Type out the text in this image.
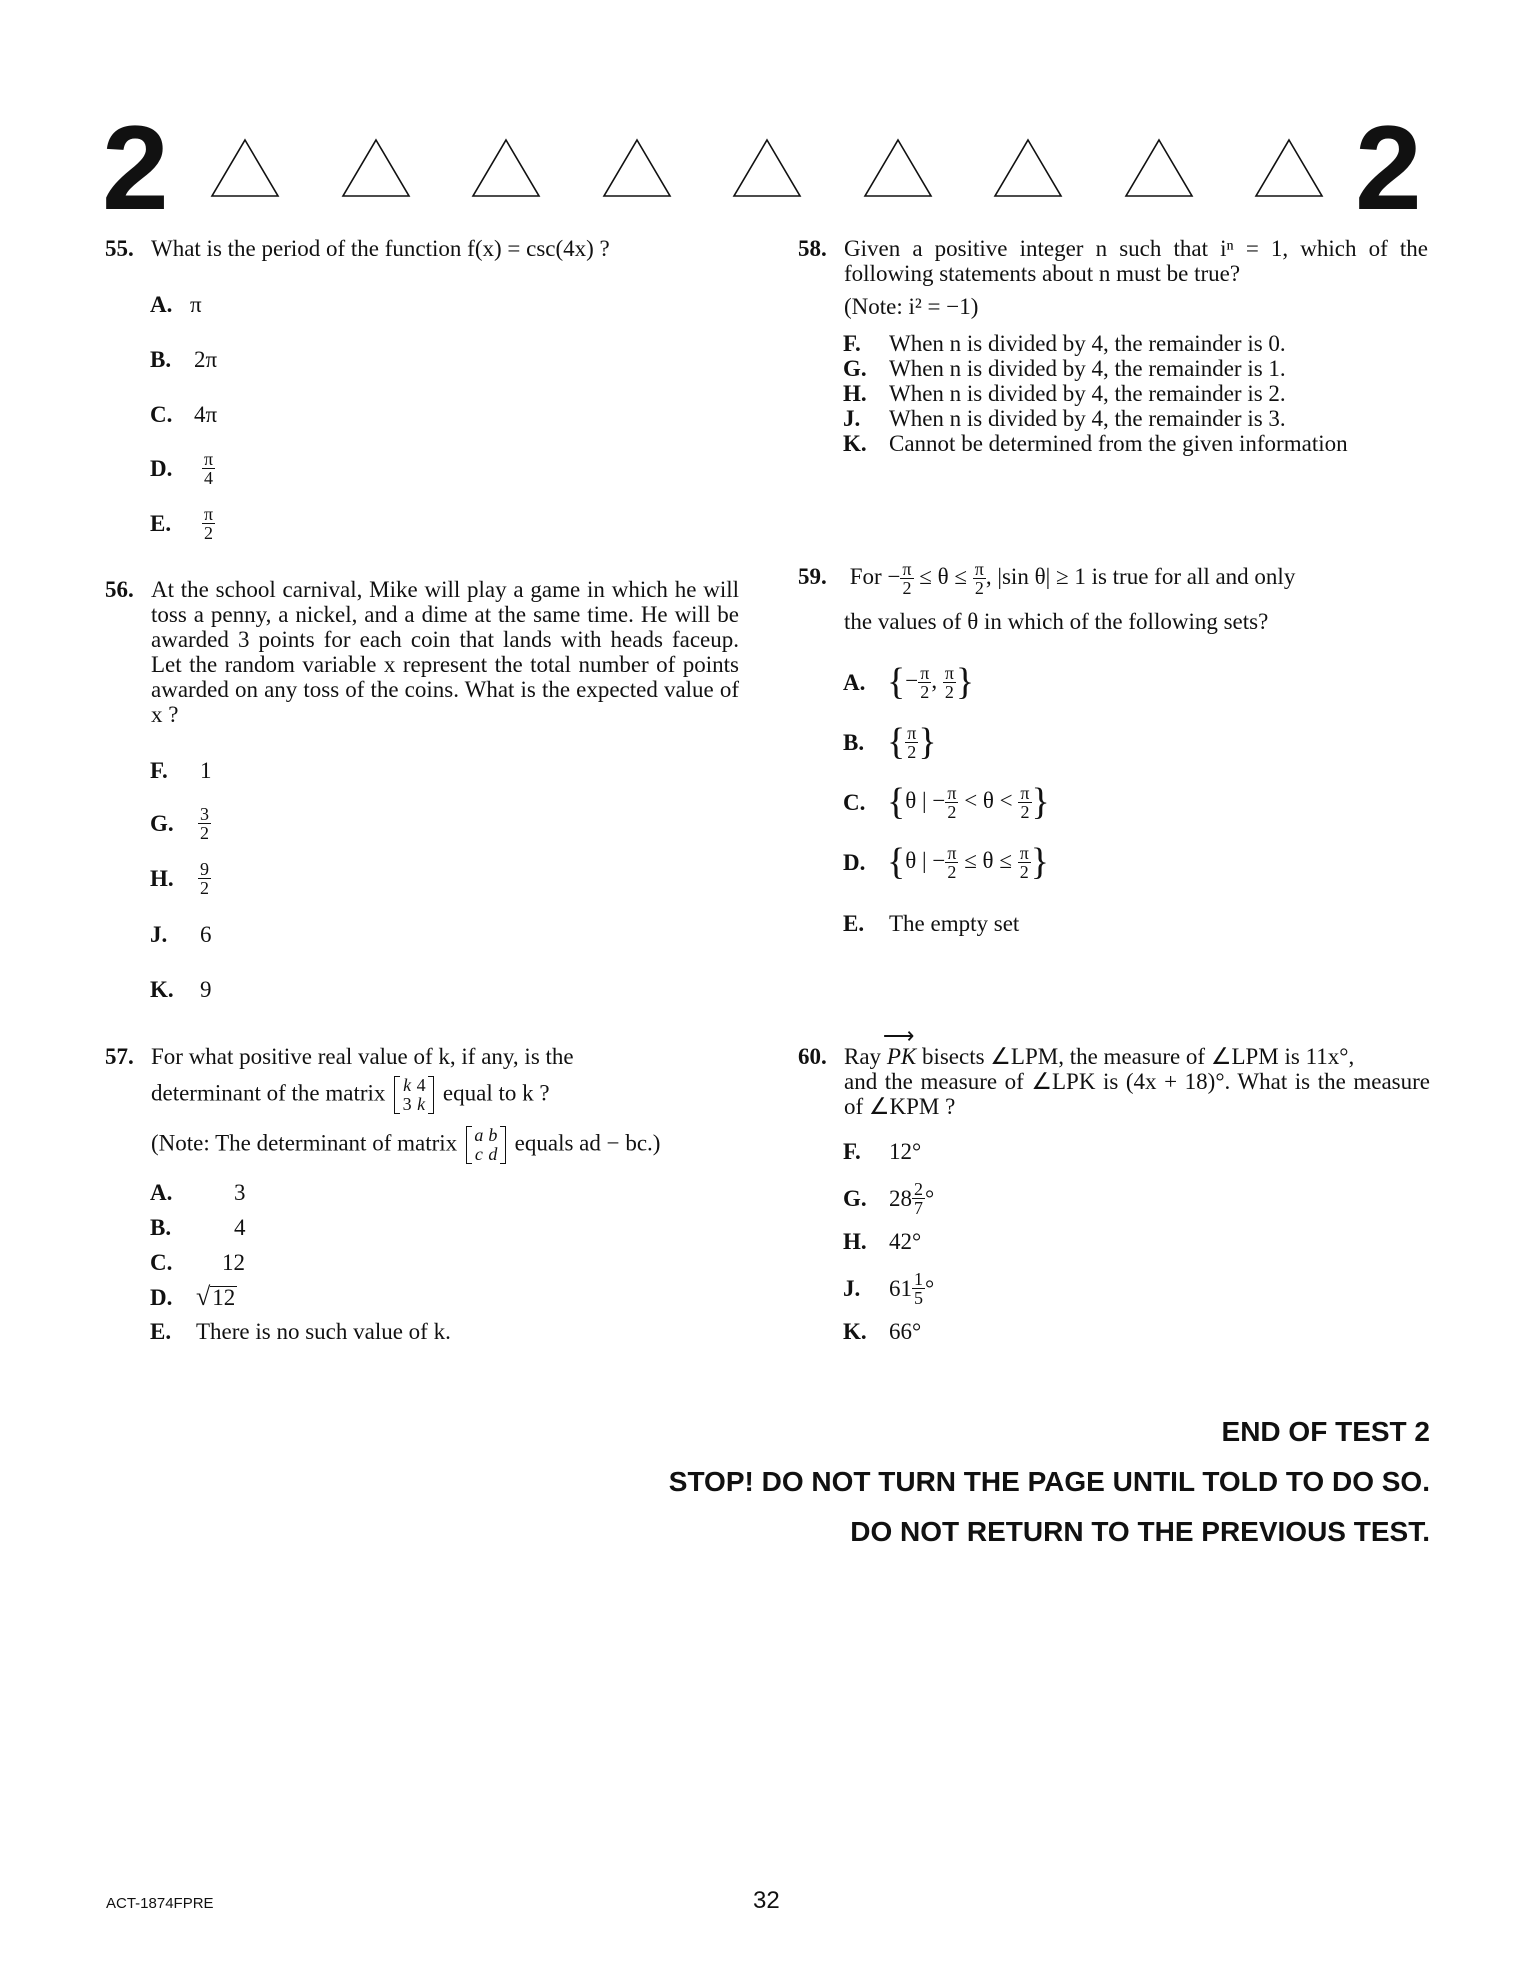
2	2
55. What is the period of the function f(x) = csc(4x) ?
A. π
B. 2π
C. 4π
D. $\frac{\pi}{4}$
E. $\frac{\pi}{2}$
56. At the school carnival, Mike will play a game in which he will toss a penny, a nickel, and a dime at the same time. He will be awarded 3 points for each coin that lands with heads faceup. Let the random variable x represent the total number of points awarded on any toss of the coins. What is the expected value of x ?
F. 1
G. $\frac{3}{2}$
H. $\frac{9}{2}$
J. 6
K. 9
57. For what positive real value of k, if any, is the
determinant of the matrix k 4
3 k equal to k ?
(Note: The determinant of matrix a b
c d equals ad − bc.)
A.	3
B.	4
C. 12
D. √12
E. There is no such value of k.
58. Given a positive integer n such that iⁿ = 1, which of the following statements about n must be true?
(Note: i² = −1)
F. When n is divided by 4, the remainder is 0.
G. When n is divided by 4, the remainder is 1.
H. When n is divided by 4, the remainder is 2.
J. When n is divided by 4, the remainder is 3.
K. Cannot be determined from the given information
59. For − $\frac{\pi}{2} \le \theta \le \frac{\pi}{2}$ , |sin θ| ≥ 1 is true for all and only
the values of θ in which of the following sets?
A. {− $\frac{\pi}{2}$ , $\frac{\pi}{2}$ }
B. { $\frac{\pi}{2}$ }
C. {θ | − $\frac{\pi}{2} < \theta < \frac{\pi}{2}$ }
D. {θ | − $\frac{\pi}{2} \le \theta \le \frac{\pi}{2}$ }
E. The empty set
60. Ray ⟶ PK bisects ∠LPM, the measure of ∠LPM is 11x°,
and the measure of ∠LPK is (4x + 18)°. What is the measure of ∠KPM ?
F. 12°
G. $28 \frac{2}{7}$ °
H. 42°
J. $61 \frac{1}{5}$ °
K. 66°
END OF TEST 2
STOP! DO NOT TURN THE PAGE UNTIL TOLD TO DO SO.
DO NOT RETURN TO THE PREVIOUS TEST.
ACT-1874FPRE	32
